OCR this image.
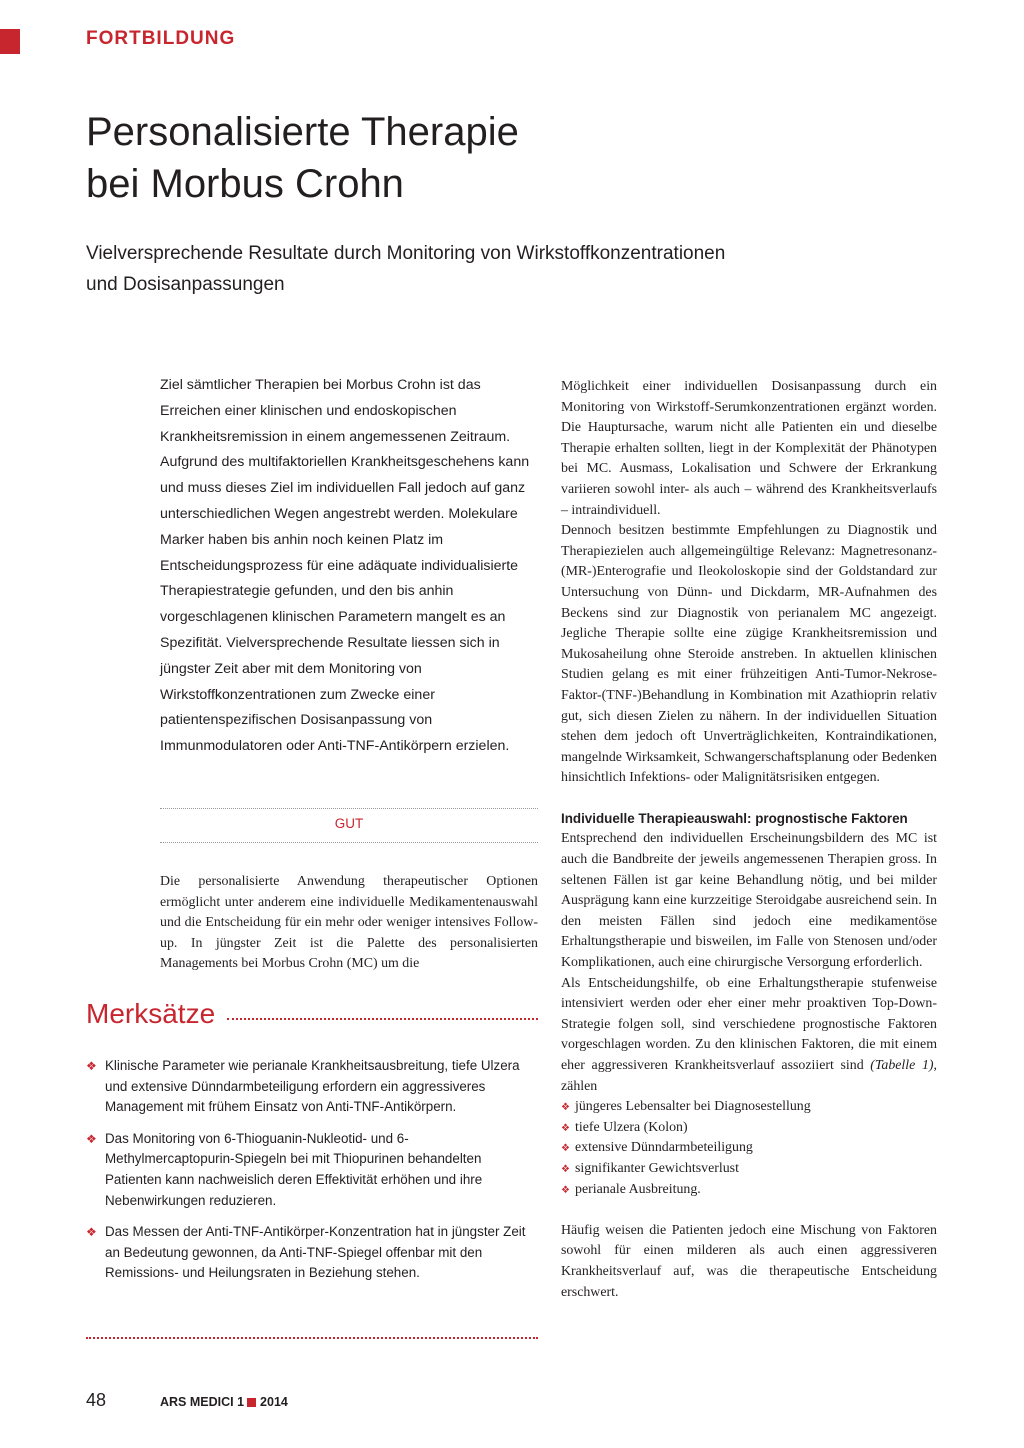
FORTBILDUNG
Personalisierte Therapie
bei Morbus Crohn
Vielversprechende Resultate durch Monitoring von Wirkstoffkonzentrationen
und Dosisanpassungen

Ziel sämtlicher Therapien bei Morbus Crohn ist das Erreichen einer klinischen und endoskopischen Krankheitsremission in einem angemessenen Zeitraum. Aufgrund des multifaktoriellen Krankheitsgeschehens kann und muss dieses Ziel im individuellen Fall jedoch auf ganz unterschiedlichen Wegen angestrebt werden. Molekulare Marker haben bis anhin noch keinen Platz im Entscheidungsprozess für eine adäquate individualisierte Therapiestrategie gefunden, und den bis anhin vorgeschlagenen klinischen Parametern mangelt es an Spezifität. Vielversprechende Resultate liessen sich in jüngster Zeit aber mit dem Monitoring von Wirkstoffkonzentrationen zum Zwecke einer patientenspezifischen Dosisanpassung von Immunmodulatoren oder Anti-TNF-Antikörpern erzielen.

GUT

Die personalisierte Anwendung therapeutischer Optionen ermöglicht unter anderem eine individuelle Medikamentenauswahl und die Entscheidung für ein mehr oder weniger intensives Follow-up. In jüngster Zeit ist die Palette des personalisierten Managements bei Morbus Crohn (MC) um die

Merksätze
❖ Klinische Parameter wie perianale Krankheitsausbreitung, tiefe Ulzera und extensive Dünndarmbeteiligung erfordern ein aggressiveres Management mit frühem Einsatz von Anti-TNF-Antikörpern.
❖ Das Monitoring von 6-Thioguanin-Nukleotid- und 6-Methylmercaptopurin-Spiegeln bei mit Thiopurinen behandelten Patienten kann nachweislich deren Effektivität erhöhen und ihre Nebenwirkungen reduzieren.
❖ Das Messen der Anti-TNF-Antikörper-Konzentration hat in jüngster Zeit an Bedeutung gewonnen, da Anti-TNF-Spiegel offenbar mit den Remissions- und Heilungsraten in Beziehung stehen.

Möglichkeit einer individuellen Dosisanpassung durch ein Monitoring von Wirkstoff-Serumkonzentrationen ergänzt worden. Die Hauptursache, warum nicht alle Patienten ein und dieselbe Therapie erhalten sollten, liegt in der Komplexität der Phänotypen bei MC. Ausmass, Lokalisation und Schwere der Erkrankung variieren sowohl inter- als auch – während des Krankheitsverlaufs – intraindividuell.

Dennoch besitzen bestimmte Empfehlungen zu Diagnostik und Therapiezielen auch allgemeingültige Relevanz: Magnetresonanz-(MR-)Enterografie und Ileokoloskopie sind der Goldstandard zur Untersuchung von Dünn- und Dickdarm, MR-Aufnahmen des Beckens sind zur Diagnostik von perianalem MC angezeigt. Jegliche Therapie sollte eine zügige Krankheitsremission und Mukosaheilung ohne Steroide anstreben. In aktuellen klinischen Studien gelang es mit einer frühzeitigen Anti-Tumor-Nekrose-Faktor-(TNF-)Behandlung in Kombination mit Azathioprin relativ gut, sich diesen Zielen zu nähern. In der individuellen Situation stehen dem jedoch oft Unverträglichkeiten, Kontraindikationen, mangelnde Wirksamkeit, Schwangerschaftsplanung oder Bedenken hinsichtlich Infektions- oder Malignitätsrisiken entgegen.

Individuelle Therapieauswahl: prognostische Faktoren

Entsprechend den individuellen Erscheinungsbildern des MC ist auch die Bandbreite der jeweils angemessenen Therapien gross. In seltenen Fällen ist gar keine Behandlung nötig, und bei milder Ausprägung kann eine kurzzeitige Steroidgabe ausreichend sein. In den meisten Fällen sind jedoch eine medikamentöse Erhaltungstherapie und bisweilen, im Falle von Stenosen und/oder Komplikationen, auch eine chirurgische Versorgung erforderlich.

Als Entscheidungshilfe, ob eine Erhaltungstherapie stufenweise intensiviert werden oder eher einer mehr proaktiven Top-Down-Strategie folgen soll, sind verschiedene prognostische Faktoren vorgeschlagen worden. Zu den klinischen Faktoren, die mit einem eher aggressiveren Krankheitsverlauf assoziiert sind (Tabelle 1), zählen

❖ jüngeres Lebensalter bei Diagnosestellung
❖ tiefe Ulzera (Kolon)
❖ extensive Dünndarmbeteiligung
❖ signifikanter Gewichtsverlust
❖ perianale Ausbreitung.

Häufig weisen die Patienten jedoch eine Mischung von Faktoren sowohl für einen milderen als auch einen aggressiveren Krankheitsverlauf auf, was die therapeutische Entscheidung erschwert.

48	ARS MEDICI 1 2014
